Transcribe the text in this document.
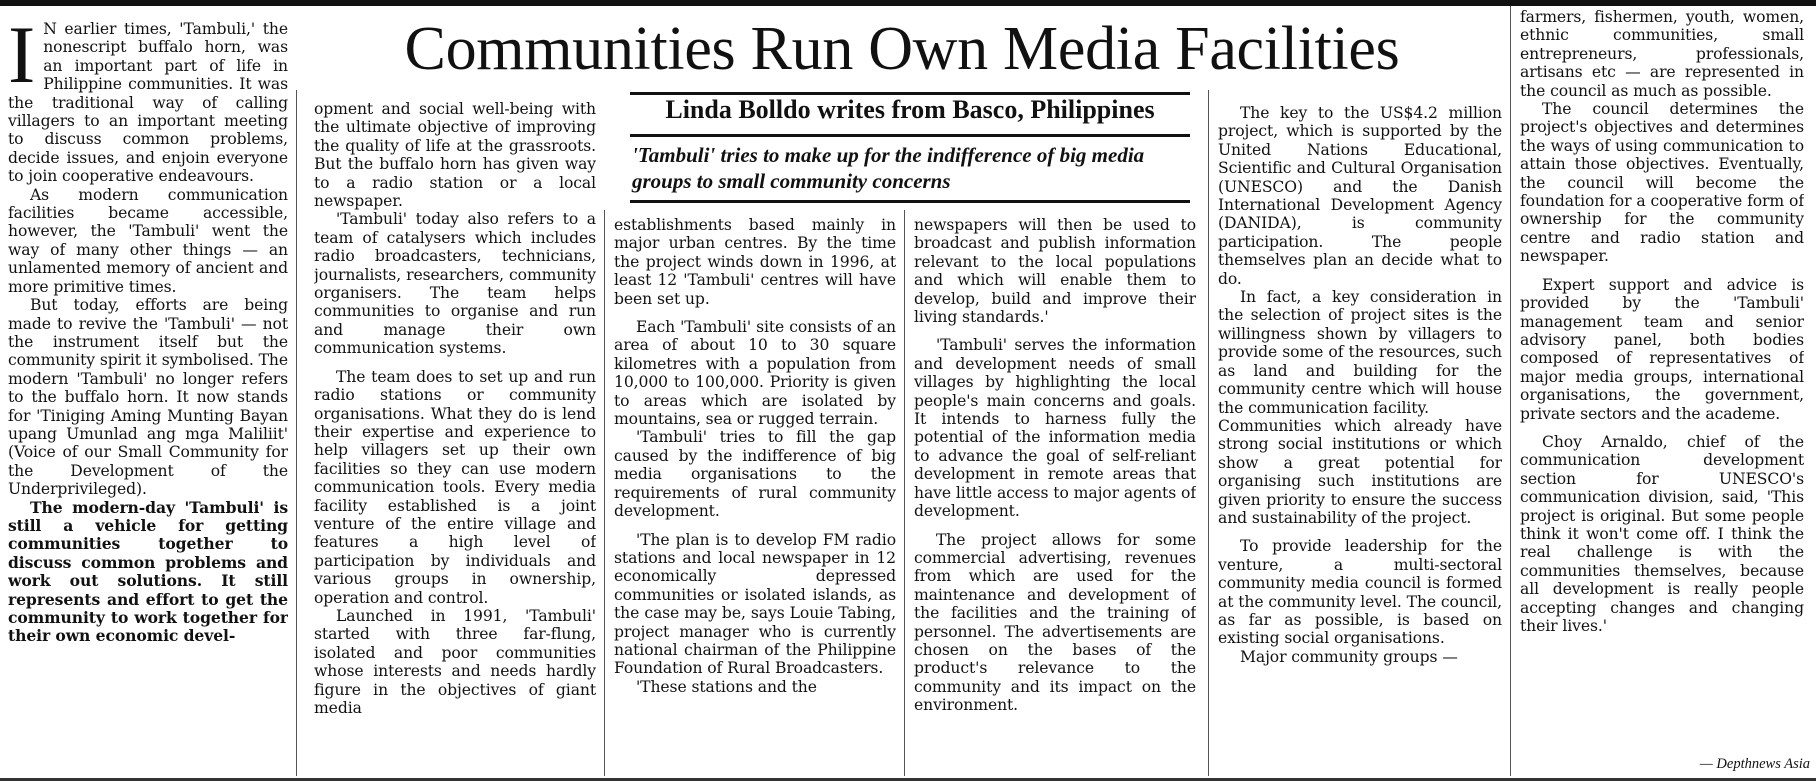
I N earlier times, 'Tambuli,' the nonescript buffalo horn, was an important part of life in Philippine communities. It was the traditional way of calling villagers to an important meeting to discuss common problems, decide issues, and enjoin everyone to join cooperative endeavours.

As modern communication facilities became accessible, however, the 'Tambuli' went the way of many other things — an unlamented memory of ancient and more primitive times.

But today, efforts are being made to revive the 'Tambuli' — not the instrument itself but the community spirit it symbolised. The modern 'Tambuli' no longer refers to the buffalo horn. It now stands for 'Tiniging Aming Munting Bayan upang Umunlad ang mga Maliliit' (Voice of our Small Community for the Development of the Underprivileged).

The modern-day 'Tambuli' is still a vehicle for getting communities together to discuss common problems and work out solutions. It still represents and effort to get the community to work together for their own economic devel-

Communities Run Own Media Facilities
Linda Bolldo writes from Basco, Philippines
'Tambuli' tries to make up for the indifference of big media groups to small community concerns

opment and social well-being with the ultimate objective of improving the quality of life at the grassroots. But the buffalo horn has given way to a radio station or a local newspaper.

'Tambuli' today also refers to a team of catalysers which includes radio broadcasters, technicians, journalists, researchers, community organisers. The team helps communities to organise and run and manage their own communication systems.

The team does to set up and run radio stations or community organisations. What they do is lend their expertise and experience to help villagers set up their own facilities so they can use modern communication tools. Every media facility established is a joint venture of the entire village and features a high level of participation by individuals and various groups in ownership, operation and control.

Launched in 1991, 'Tambuli' started with three far-flung, isolated and poor communities whose interests and needs hardly figure in the objectives of giant media

establishments based mainly in major urban centres. By the time the project winds down in 1996, at least 12 'Tambuli' centres will have been set up.

Each 'Tambuli' site consists of an area of about 10 to 30 square kilometres with a population from 10,000 to 100,000. Priority is given to areas which are isolated by mountains, sea or rugged terrain.

'Tambuli' tries to fill the gap caused by the indifference of big media organisations to the requirements of rural community development.

'The plan is to develop FM radio stations and local newspaper in 12 economically depressed communities or isolated islands, as the case may be, says Louie Tabing, project manager who is currently national chairman of the Philippine Foundation of Rural Broadcasters.

'These stations and the

newspapers will then be used to broadcast and publish information relevant to the local populations and which will enable them to develop, build and improve their living standards.'

'Tambuli' serves the information and development needs of small villages by highlighting the local people's main concerns and goals. It intends to harness fully the potential of the information media to advance the goal of self-reliant development in remote areas that have little access to major agents of development.

The project allows for some commercial advertising, revenues from which are used for the maintenance and development of the facilities and the training of personnel. The advertisements are chosen on the bases of the product's relevance to the community and its impact on the environment.

The key to the US$4.2 million project, which is supported by the United Nations Educational, Scientific and Cultural Organisation (UNESCO) and the Danish International Development Agency (DANIDA), is community participation. The people themselves plan an decide what to do.

In fact, a key consideration in the selection of project sites is the willingness shown by villagers to provide some of the resources, such as land and building for the community centre which will house the communication facility.

Communities which already have strong social institutions or which show a great potential for organising such institutions are given priority to ensure the success and sustainability of the project.

To provide leadership for the venture, a multi-sectoral community media council is formed at the community level. The council, as far as possible, is based on existing social organisations.

Major community groups —

farmers, fishermen, youth, women, ethnic communities, small entrepreneurs, professionals, artisans etc — are represented in the council as much as possible.

The council determines the project's objectives and determines the ways of using communication to attain those objectives. Eventually, the council will become the foundation for a cooperative form of ownership for the community centre and radio station and newspaper.

Expert support and advice is provided by the 'Tambuli' management team and senior advisory panel, both bodies composed of representatives of major media groups, international organisations, the government, private sectors and the academe.

Choy Arnaldo, chief of the communication development section for UNESCO's communication division, said, 'This project is original. But some people think it won't come off. I think the real challenge is with the communities themselves, because all development is really people accepting changes and changing their lives.'

— Depthnews Asia
